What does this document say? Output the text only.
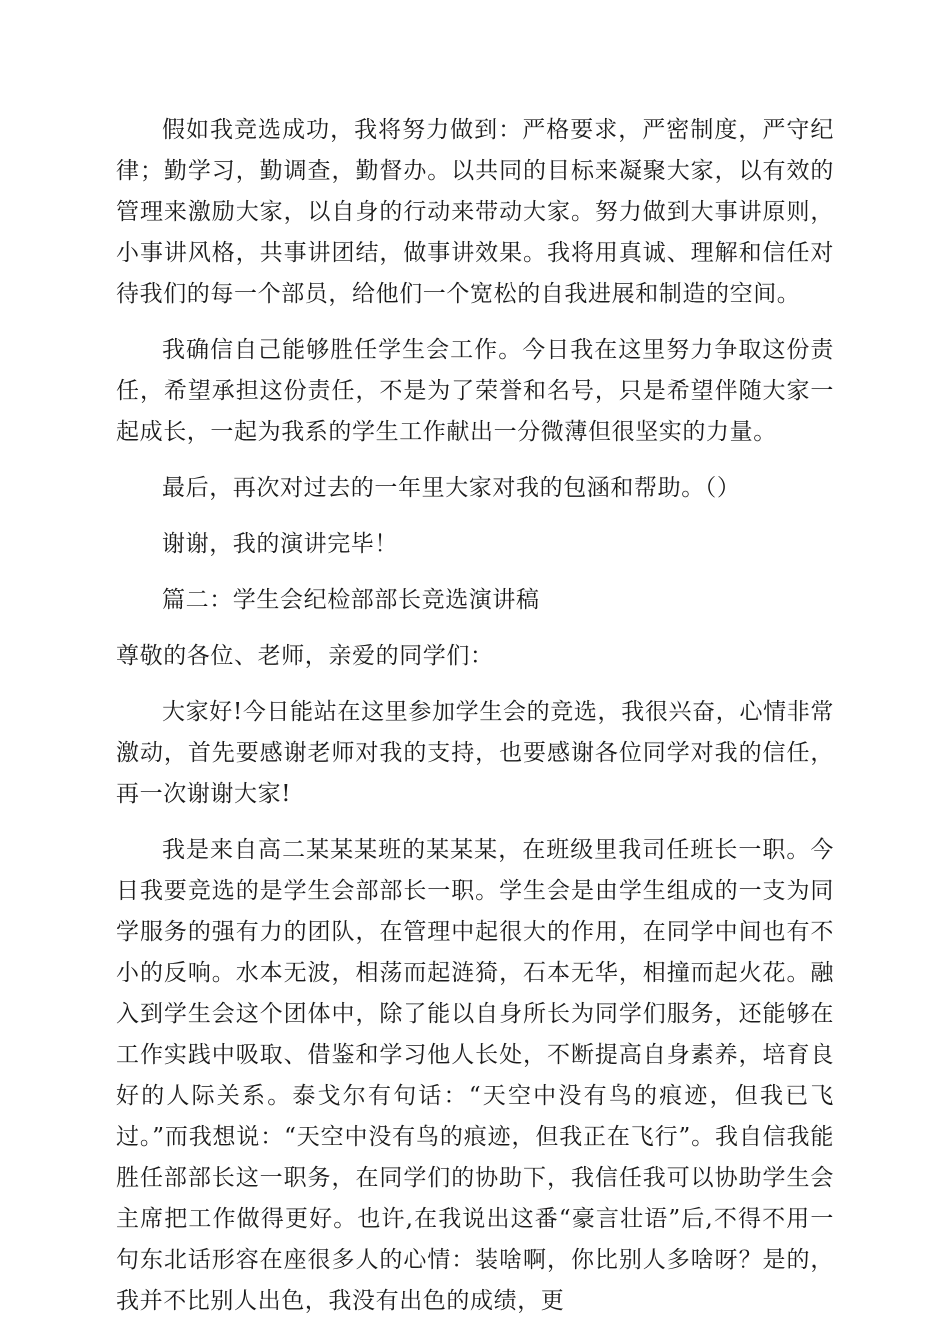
假如我竞选成功，我将努力做到：严格要求，严密制度，严守纪律；勤学习，勤调查，勤督办。以共同的目标来凝聚大家，以有效的管理来激励大家，以自身的行动来带动大家。努力做到大事讲原则，小事讲风格，共事讲团结，做事讲效果。我将用真诚、理解和信任对待我们的每一个部员，给他们一个宽松的自我进展和制造的空间。

我确信自己能够胜任学生会工作。今日我在这里努力争取这份责任，希望承担这份责任，不是为了荣誉和名号，只是希望伴随大家一起成长，一起为我系的学生工作献出一分微薄但很坚实的力量。

最后，再次对过去的一年里大家对我的包涵和帮助。（）

谢谢，我的演讲完毕！

篇二：学生会纪检部部长竞选演讲稿

尊敬的各位、老师，亲爱的同学们：

大家好!今日能站在这里参加学生会的竞选，我很兴奋，心情非常激动，首先要感谢老师对我的支持，也要感谢各位同学对我的信任，再一次谢谢大家!

我是来自高二某某某班的某某某，在班级里我司任班长一职。今日我要竞选的是学生会部部长一职。学生会是由学生组成的一支为同学服务的强有力的团队，在管理中起很大的作用，在同学中间也有不小的反响。水本无波，相荡而起涟猗，石本无华，相撞而起火花。融入到学生会这个团体中，除了能以自身所长为同学们服务，还能够在工作实践中吸取、借鉴和学习他人长处，不断提高自身素养，培育良好的人际关系。泰戈尔有句话：“天空中没有鸟的痕迹，但我已飞过。”而我想说：“天空中没有鸟的痕迹，但我正在飞行”。我自信我能胜任部部长这一职务，在同学们的协助下，我信任我可以协助学生会主席把工作做得更好。也许,在我说出这番“豪言壮语”后,不得不用一句东北话形容在座很多人的心情：装啥啊，你比别人多啥呀？是的，我并不比别人出色，我没有出色的成绩，更
